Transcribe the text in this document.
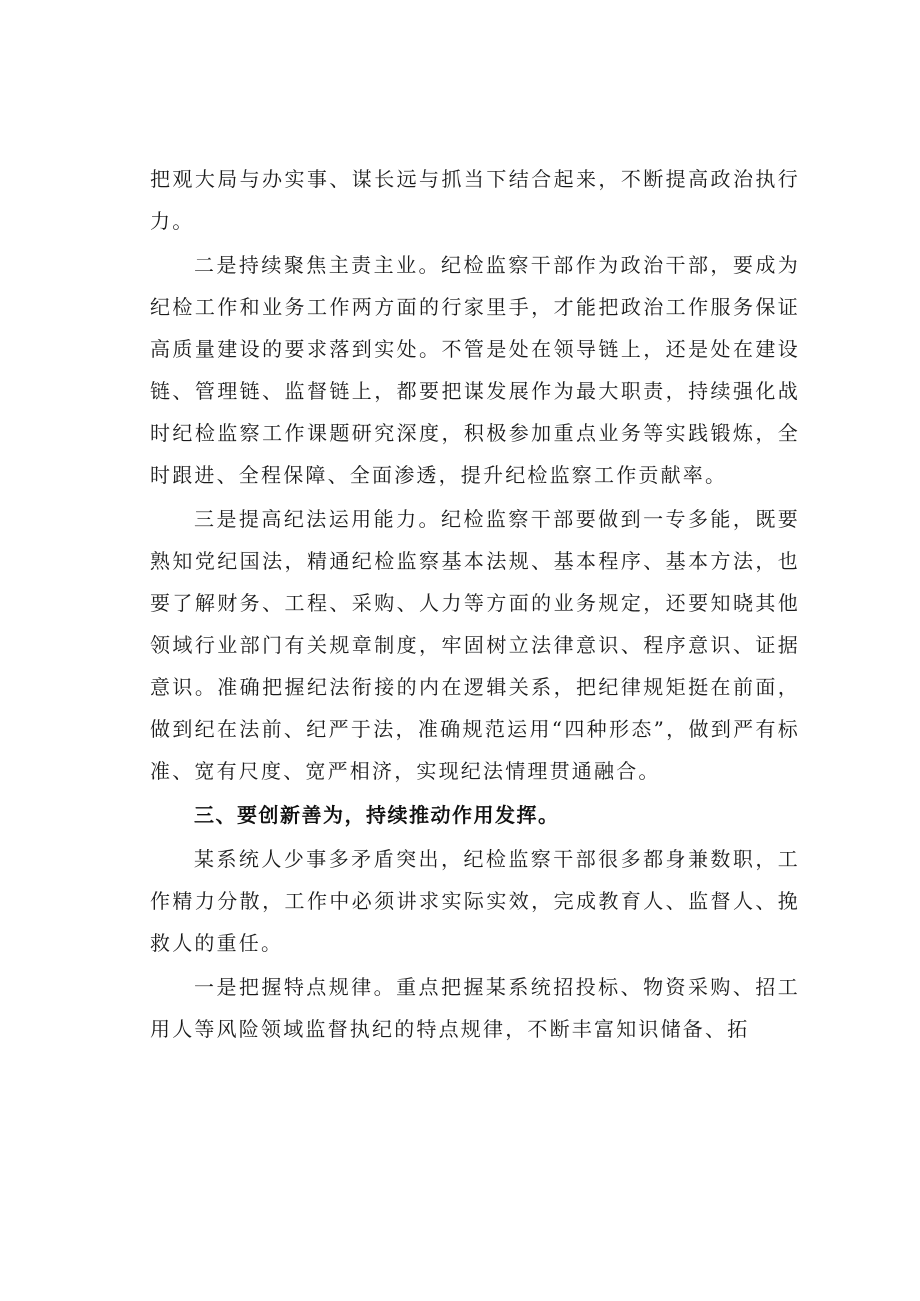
把观大局与办实事、谋长远与抓当下结合起来，不断提高政治执行力。

二是持续聚焦主责主业。纪检监察干部作为政治干部，要成为纪检工作和业务工作两方面的行家里手，才能把政治工作服务保证高质量建设的要求落到实处。不管是处在领导链上，还是处在建设链、管理链、监督链上，都要把谋发展作为最大职责，持续强化战时纪检监察工作课题研究深度，积极参加重点业务等实践锻炼，全时跟进、全程保障、全面渗透，提升纪检监察工作贡献率。

三是提高纪法运用能力。纪检监察干部要做到一专多能，既要熟知党纪国法，精通纪检监察基本法规、基本程序、基本方法，也要了解财务、工程、采购、人力等方面的业务规定，还要知晓其他领域行业部门有关规章制度，牢固树立法律意识、程序意识、证据意识。准确把握纪法衔接的内在逻辑关系，把纪律规矩挺在前面，做到纪在法前、纪严于法，准确规范运用“四种形态”，做到严有标准、宽有尺度、宽严相济，实现纪法情理贯通融合。

三、要创新善为，持续推动作用发挥。

某系统人少事多矛盾突出，纪检监察干部很多都身兼数职，工作精力分散，工作中必须讲求实际实效，完成教育人、监督人、挽救人的重任。

一是把握特点规律。重点把握某系统招投标、物资采购、招工用人等风险领域监督执纪的特点规律，不断丰富知识储备、拓
